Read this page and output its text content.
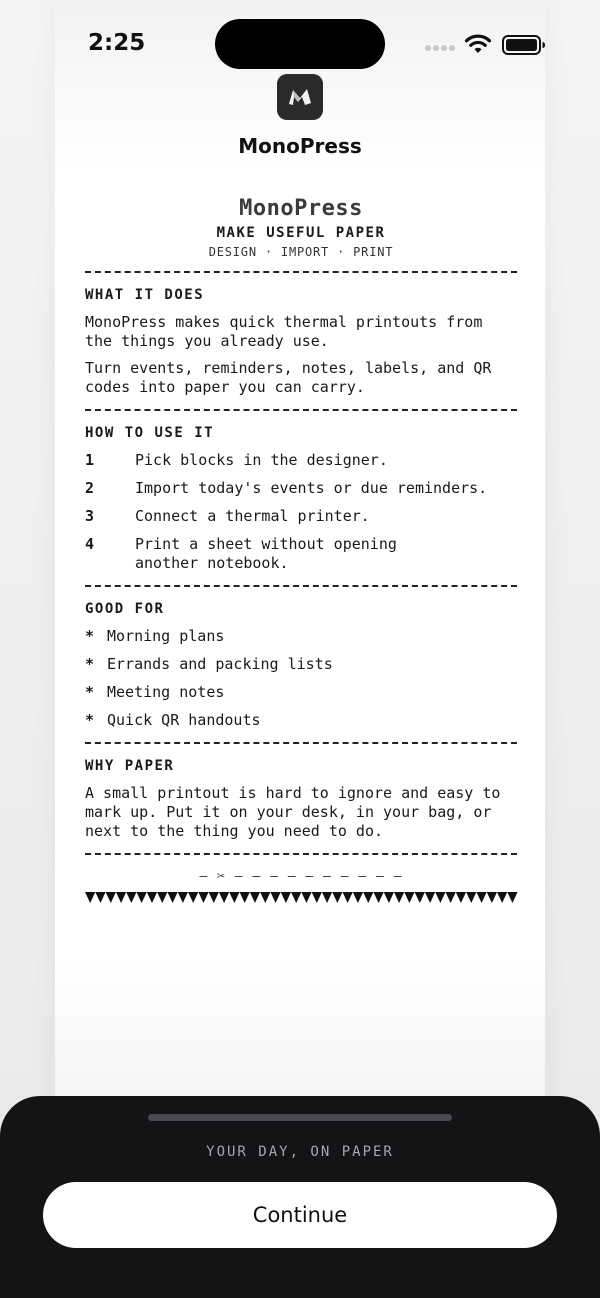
2:25
MonoPress
MonoPress
MAKE USEFUL PAPER
DESIGN · IMPORT · PRINT
WHAT IT DOES
MonoPress makes quick thermal printouts from the things you already use.
Turn events, reminders, notes, labels, and QR codes into paper you can carry.
HOW TO USE IT
1	Pick blocks in the designer.
2	Import today's events or due reminders.
3	Connect a thermal printer.
4	Print a sheet without opening another notebook.
GOOD FOR
* Morning plans
* Errands and packing lists
* Meeting notes
* Quick QR handouts
WHY PAPER
A small printout is hard to ignore and easy to mark up. Put it on your desk, in your bag, or next to the thing you need to do.
— ✂ — — — — — — — — — —
YOUR DAY, ON PAPER
Continue
